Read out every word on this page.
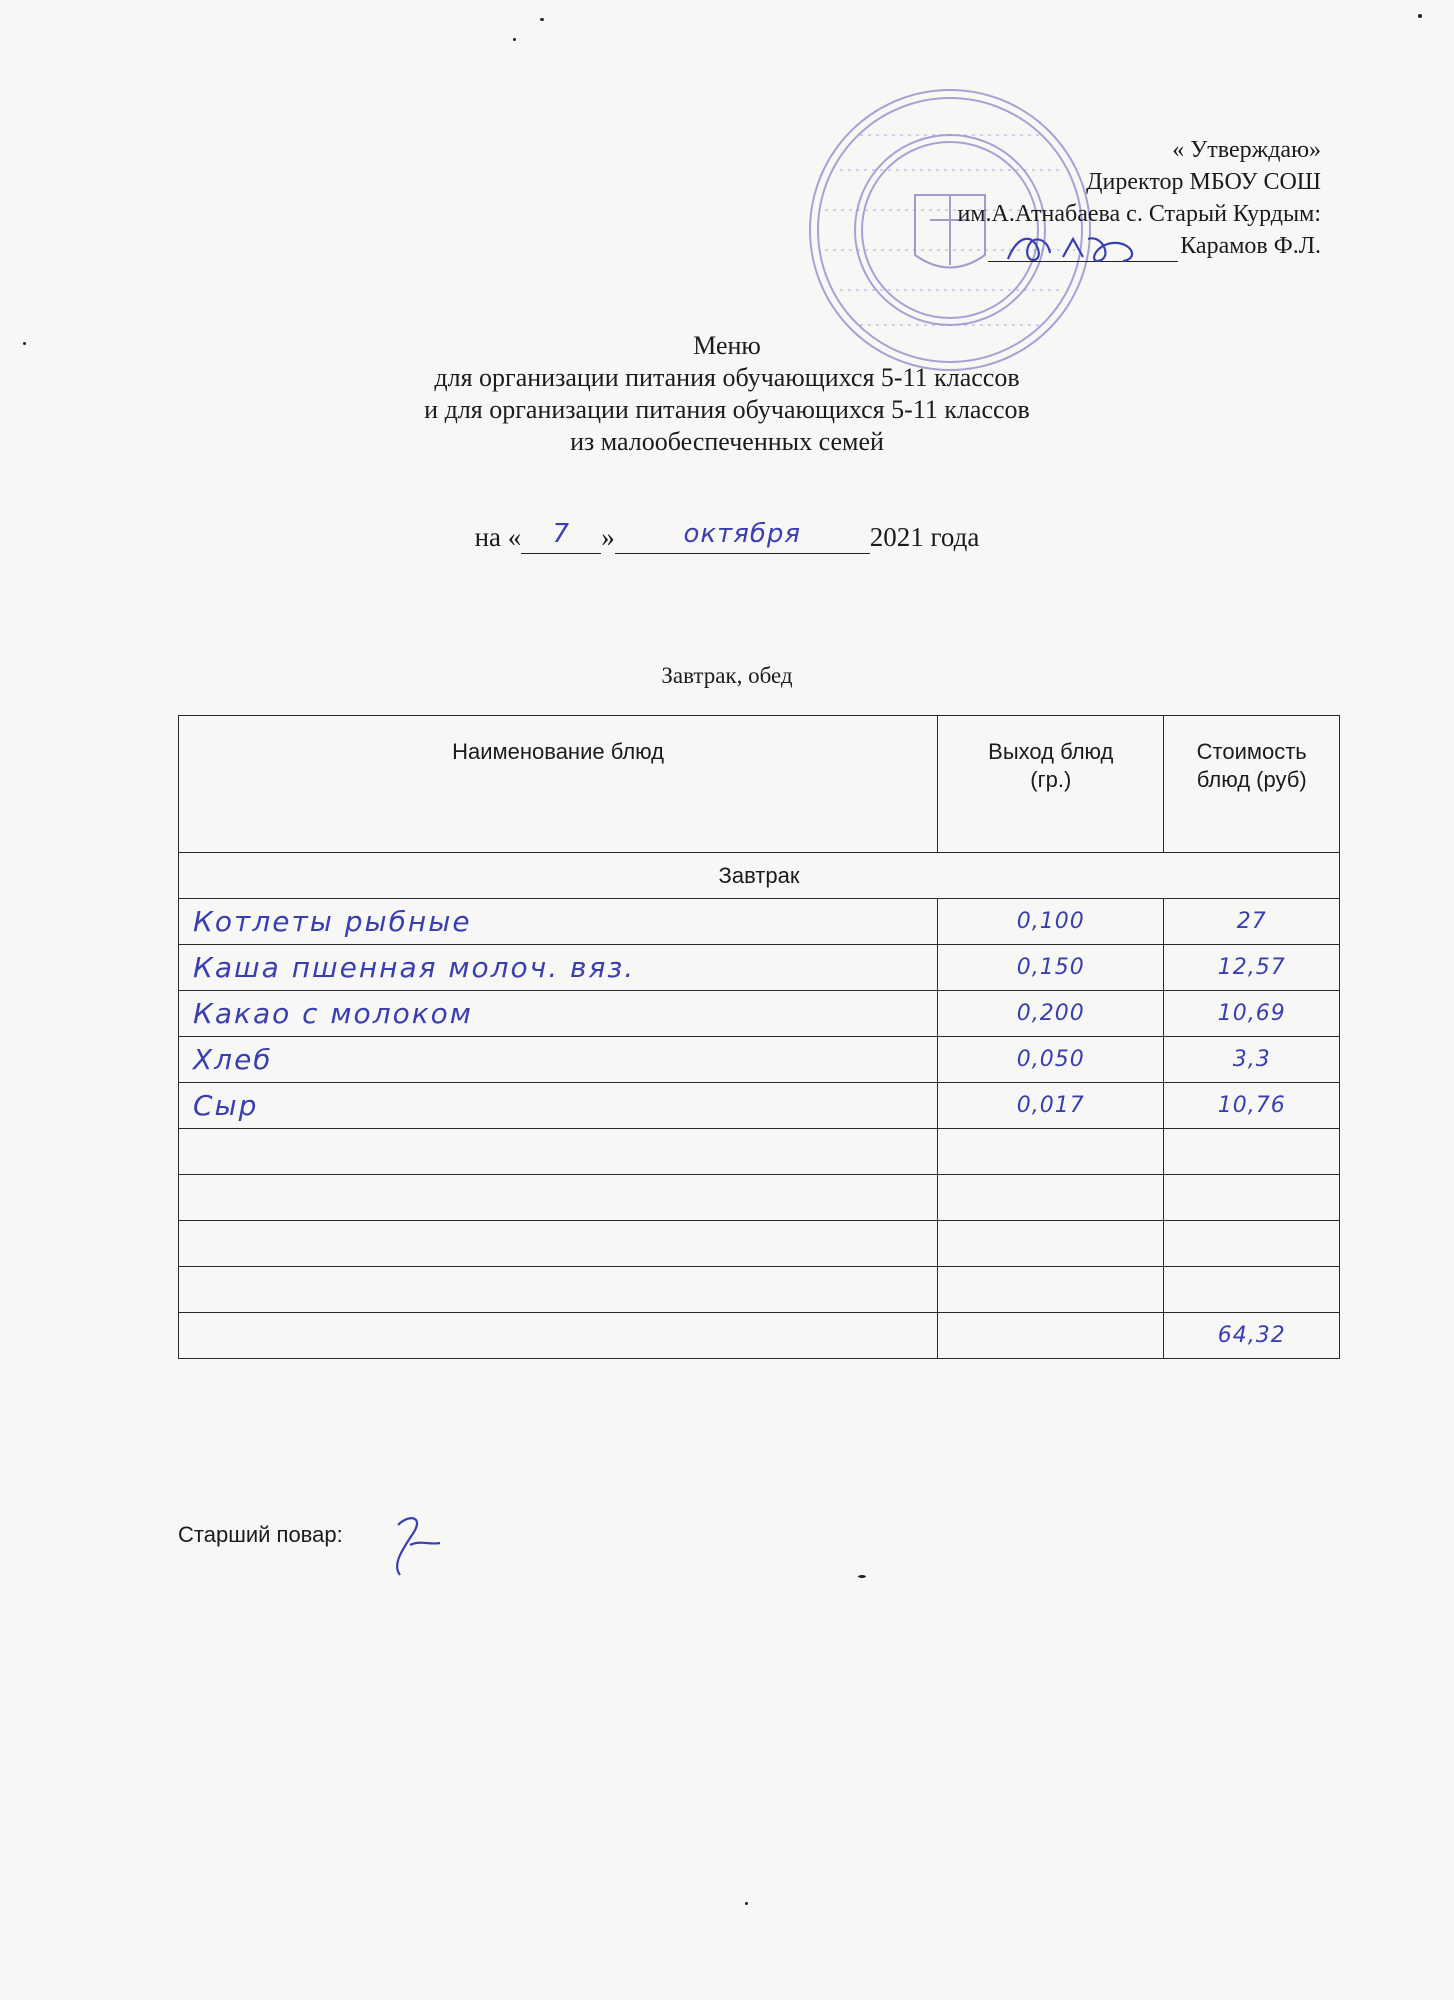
« Утверждаю»
Директор МБОУ СОШ
им.А.Атнабаева с. Старый Курдым:
Карамов Ф.Л.
Меню
для организации питания обучающихся 5-11 классов
и для организации питания обучающихся 5-11 классов
из малообеспеченных семей
на «	7	»	октября	2021 года
Завтрак, обед
Наименование блюд	Выход блюд (гр.)	Стоимость блюд (руб)
Завтрак		
Котлеты рыбные	0,100	27
Каша пшенная молоч. вяз.	0,150	12,57
Какао с молоком	0,200	10,69
Хлеб	0,050	3,3
Сыр	0,017	10,76

		64,32
Старший повар:
